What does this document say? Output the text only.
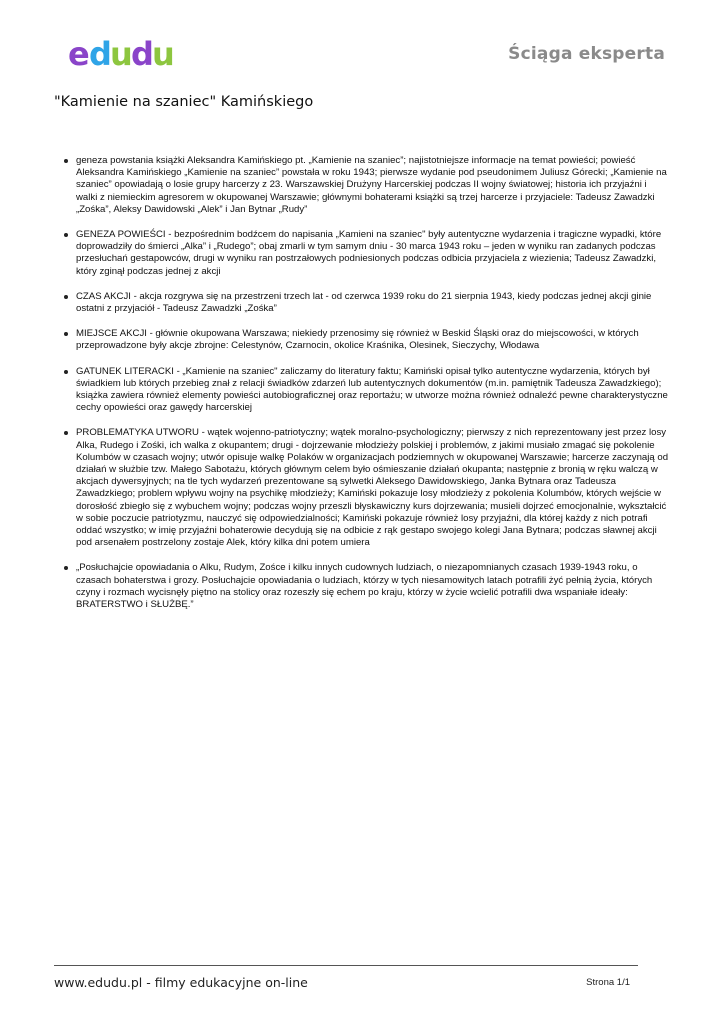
e d
u
d
u	Ściąga eksperta
"Kamienie na szaniec" Kamińskiego
geneza powstania książki Aleksandra Kamińskiego pt. „Kamienie na szaniec”; najistotniejsze informacje na temat powieści; powieść Aleksandra Kamińskiego „Kamienie na szaniec” powstała w roku 1943; pierwsze wydanie pod pseudonimem Juliusz Górecki; „Kamienie na szaniec” opowiadają o losie grupy harcerzy z 23. Warszawskiej Drużyny Harcerskiej podczas II wojny światowej; historia ich przyjaźni i walki z niemieckim agresorem w okupowanej Warszawie; głównymi bohaterami książki są trzej harcerze i przyjaciele: Tadeusz Zawadzki „Zośka”, Aleksy Dawidowski „Alek” i Jan Bytnar „Rudy”
GENEZA POWIEŚCI - bezpośrednim bodźcem do napisania „Kamieni na szaniec" były autentyczne wydarzenia i tragiczne wypadki, które doprowadziły do śmierci „Alka” i „Rudego”; obaj zmarli w tym samym dniu - 30 marca 1943 roku – jeden w wyniku ran zadanych podczas przesłuchań gestapowców, drugi w wyniku ran postrzałowych podniesionych podczas odbicia przyjaciela z wiezienia; Tadeusz Zawadzki, który zginął podczas jednej z akcji
CZAS AKCJI - akcja rozgrywa się na przestrzeni trzech lat - od czerwca 1939 roku do 21 sierpnia 1943, kiedy podczas jednej akcji ginie ostatni z przyjaciół - Tadeusz Zawadzki „Zośka”
MIEJSCE AKCJI - głównie okupowana Warszawa; niekiedy przenosimy się również w Beskid Śląski oraz do miejscowości, w których przeprowadzone były akcje zbrojne: Celestynów, Czarnocin, okolice Kraśnika, Olesinek, Sieczychy, Włodawa
GATUNEK LITERACKI - „Kamienie na szaniec" zaliczamy do literatury faktu; Kamiński opisał tylko autentyczne wydarzenia, których był świadkiem lub których przebieg znał z relacji świadków zdarzeń lub autentycznych dokumentów (m.in. pamiętnik Tadeusza Zawadzkiego); książka zawiera również elementy powieści autobiograficznej oraz reportażu; w utworze można również odnaleźć pewne charakterystyczne cechy opowieści oraz gawędy harcerskiej
PROBLEMATYKA UTWORU - wątek wojenno-patriotyczny; wątek moralno-psychologiczny; pierwszy z nich reprezentowany jest przez losy Alka, Rudego i Zośki, ich walka z okupantem; drugi - dojrzewanie młodzieży polskiej i problemów, z jakimi musiało zmagać się pokolenie Kolumbów w czasach wojny; utwór opisuje walkę Polaków w organizacjach podziemnych w okupowanej Warszawie; harcerze zaczynają od działań w służbie tzw. Małego Sabotażu, których głównym celem było ośmieszanie działań okupanta; następnie z bronią w ręku walczą w akcjach dywersyjnych; na tle tych wydarzeń prezentowane są sylwetki Aleksego Dawidowskiego, Janka Bytnara oraz Tadeusza Zawadzkiego; problem wpływu wojny na psychikę młodzieży; Kamiński pokazuje losy młodzieży z pokolenia Kolumbów, których wejście w dorosłość zbiegło się z wybuchem wojny; podczas wojny przeszli błyskawiczny kurs dojrzewania; musieli dojrzeć emocjonalnie, wykształcić w sobie poczucie patriotyzmu, nauczyć się odpowiedzialności; Kamiński pokazuje również losy przyjaźni, dla której każdy z nich potrafi oddać wszystko; w imię przyjaźni bohaterowie decydują się na odbicie z rąk gestapo swojego kolegi Jana Bytnara; podczas sławnej akcji pod arsenałem postrzelony zostaje Alek, który kilka dni potem umiera
„Posłuchajcie opowiadania o Alku, Rudym, Zośce i kilku innych cudownych ludziach, o niezapomnianych czasach 1939-1943 roku, o czasach bohaterstwa i grozy. Posłuchajcie opowiadania o ludziach, którzy w tych niesamowitych latach potrafili żyć pełnią życia, których czyny i rozmach wycisnęły piętno na stolicy oraz rozeszły się echem po kraju, którzy w życie wcielić potrafili dwa wspaniałe ideały: BRATERSTWO i SŁUŻBĘ.”
www.edudu.pl - filmy edukacyjne on-line	Strona 1/1
